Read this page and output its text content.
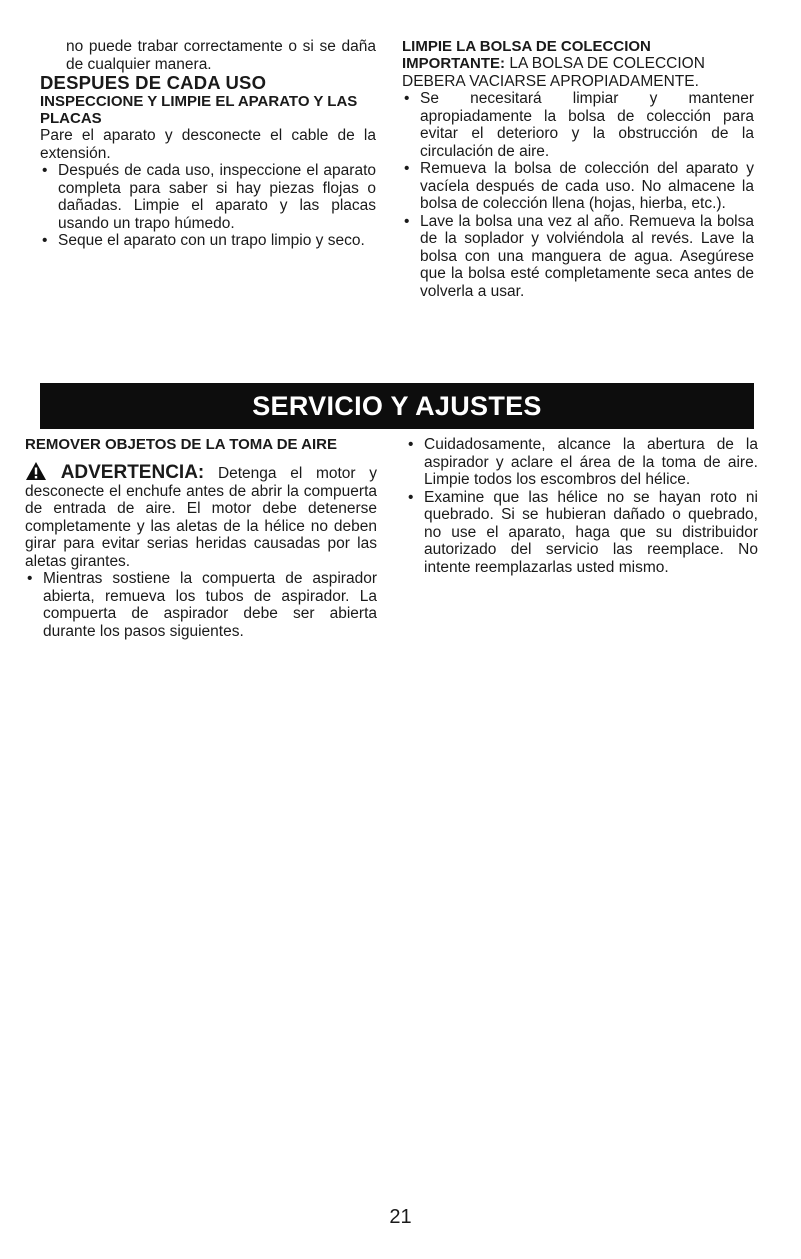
no puede trabar correctamente o si se daña de cualquier manera.

DESPUES DE CADA USO
INSPECCIONE Y LIMPIE EL APARATO Y LAS PLACAS

Pare el aparato y desconecte el cable de la extensión.

• Después de cada uso, inspeccione el aparato completa para saber si hay piezas flojas o dañadas. Limpie el aparato y las placas usando un trapo húmedo.
• Seque el aparato con un trapo limpio y seco.
LIMPIE LA BOLSA DE COLECCION

IMPORTANTE: LA BOLSA DE COLECCION DEBERA VACIARSE APROPIADAMENTE.

• Se necesitará limpiar y mantener apropiadamente la bolsa de colección para evitar el deterioro y la obstrucción de la circulación de aire.
• Remueva la bolsa de colección del aparato y vacíela después de cada uso. No almacene la bolsa de colección llena (hojas, hierba, etc.).
• Lave la bolsa una vez al año. Remueva la bolsa de la soplador y volviéndola al revés. Lave la bolsa con una manguera de agua. Asegúrese que la bolsa esté completamente seca antes de volverla a usar.
SERVICIO Y AJUSTES
REMOVER OBJETOS DE LA TOMA DE AIRE

ADVERTENCIA: Detenga el motor y desconecte el enchufe antes de abrir la compuerta de entrada de aire. El motor debe detenerse completamente y las aletas de la hélice no deben girar para evitar serias heridas causadas por las aletas girantes.

• Mientras sostiene la compuerta de aspirador abierta, remueva los tubos de aspirador. La compuerta de aspirador debe ser abierta durante los pasos siguientes.
• Cuidadosamente, alcance la abertura de la aspirador y aclare el área de la toma de aire. Limpie todos los escombros del hélice.
• Examine que las hélice no se hayan roto ni quebrado. Si se hubieran dañado o quebrado, no use el aparato, haga que su distribuidor autorizado del servicio las reemplace. No intente reemplazarlas usted mismo.
21
